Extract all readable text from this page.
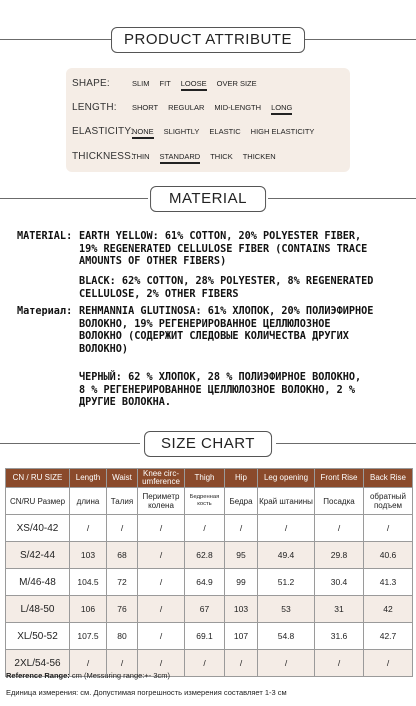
PRODUCT ATTRIBUTE
SHAPE:	SLIM FIT LOOSE OVER SIZE
LENGTH:	SHORT REGULAR MID-LENGTH LONG
ELASTICITY:
NONE SLIGHTLY ELASTIC HIGH ELASTICITY
THICKNESS:
THIN STANDARD THICK THICKEN
MATERIAL
MATERIAL: EARTH YELLOW: 61% COTTON, 20% POLYESTER FIBER,
19% REGENERATED CELLULOSE FIBER (CONTAINS TRACE
AMOUNTS OF OTHER FIBERS)
BLACK: 62% COTTON, 28% POLYESTER, 8% REGENERATED
CELLULOSE, 2% OTHER FIBERS
Материал: REHMANNIA GLUTINOSA: 61% ХЛОПОК, 20% ПОЛИЭФИРНОЕ
ВОЛОКНО, 19% РЕГЕНЕРИРОВАННОЕ ЦЕЛЛЮЛОЗНОЕ
ВОЛОКНО (СОДЕРЖИТ СЛЕДОВЫЕ КОЛИЧЕСТВА ДРУГИХ
ВОЛОКНО)
ЧЕРНЫЙ: 62 % ХЛОПОК, 28 % ПОЛИЭФИРНОЕ ВОЛОКНО,
8 % РЕГЕНЕРИРОВАННОЕ ЦЕЛЛЮЛОЗНОЕ ВОЛОКНО, 2 %
ДРУГИЕ ВОЛОКНА.
SIZE CHART
CN / RU SIZE	Length	Waist	Knee circ-umference	Thigh	Hip	Leg opening	Front Rise	Back Rise
CN/RU Размер	длина	Талия	Периметр колена	Бедренная кость	Бедра	Край штанины	Посадка	обратный подъем
XS/40-42	/	/	/	/	/	/	/	/
S/42-44	103	68	/	62.8	95	49.4	29.8	40.6
M/46-48	104.5	72	/	64.9	99	51.2	30.4	41.3
L/48-50	106	76	/	67	103	53	31	42
XL/50-52	107.5	80	/	69.1	107	54.8	31.6	42.7
2XL/54-56	/	/	/	/	/	/	/	/
Reference Range: cm (Messuring range:+- 3cm)
Единица измерения: см. Допустимая погрешность измерения составляет 1-3 см
